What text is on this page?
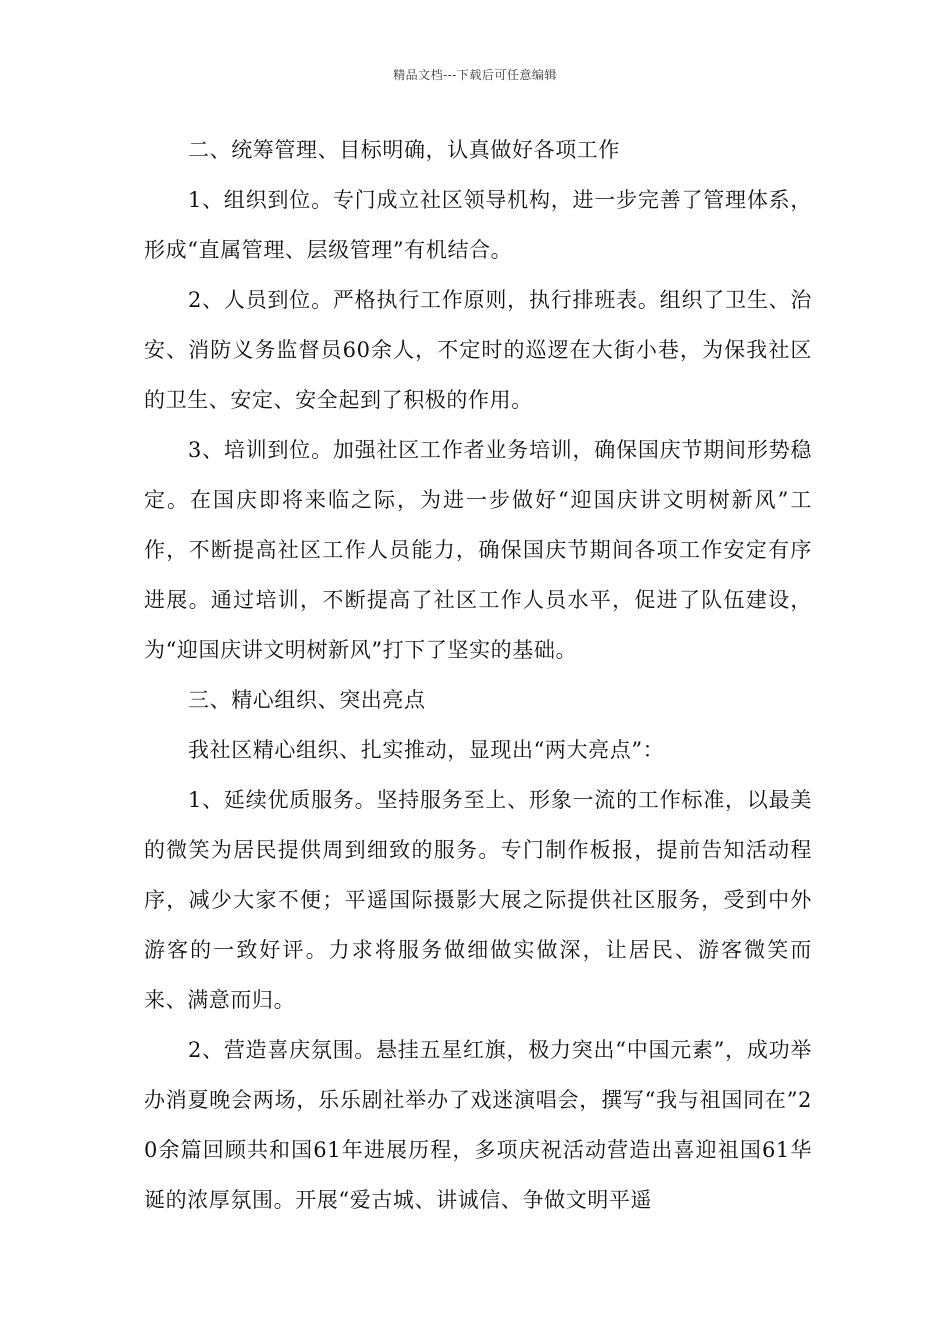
精品文档---下载后可任意编辑

二、统筹管理、目标明确，认真做好各项工作

1、组织到位。专门成立社区领导机构，进一步完善了管理体系，形成“直属管理、层级管理”有机结合。

2、人员到位。严格执行工作原则，执行排班表。组织了卫生、治安、消防义务监督员60余人，不定时的巡逻在大街小巷，为保我社区的卫生、安定、安全起到了积极的作用。

3、培训到位。加强社区工作者业务培训，确保国庆节期间形势稳定。在国庆即将来临之际，为进一步做好“迎国庆讲文明树新风”工作，不断提高社区工作人员能力，确保国庆节期间各项工作安定有序进展。通过培训，不断提高了社区工作人员水平，促进了队伍建设，为“迎国庆讲文明树新风”打下了坚实的基础。

三、精心组织、突出亮点

我社区精心组织、扎实推动，显现出“两大亮点”：

1、延续优质服务。坚持服务至上、形象一流的工作标准，以最美的微笑为居民提供周到细致的服务。专门制作板报，提前告知活动程序，减少大家不便；平遥国际摄影大展之际提供社区服务，受到中外游客的一致好评。力求将服务做细做实做深，让居民、游客微笑而来、满意而归。

2、营造喜庆氛围。悬挂五星红旗，极力突出“中国元素”，成功举办消夏晚会两场，乐乐剧社举办了戏迷演唱会，撰写“我与祖国同在”20余篇回顾共和国61年进展历程，多项庆祝活动营造出喜迎祖国61华诞的浓厚氛围。开展“爱古城、讲诚信、争做文明平遥
